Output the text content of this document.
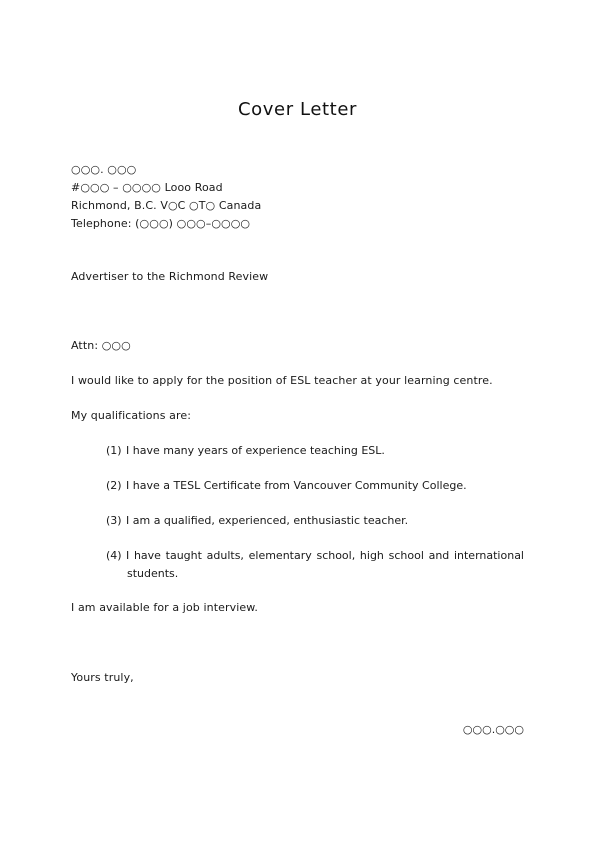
Cover Letter
○○○. ○○○
#○○○ – ○○○○ Looo Road
Richmond, B.C. V○C ○T○ Canada
Telephone: (○○○) ○○○–○○○○
Advertiser to the Richmond Review
Attn: ○○○
I would like to apply for the position of ESL teacher at your learning centre.
My qualifications are:
(1) I have many years of experience teaching ESL.
(2) I have a TESL Certificate from Vancouver Community College.
(3) I am a qualified, experienced, enthusiastic teacher.
(4) I have taught adults, elementary school, high school and international
students.
I am available for a job interview.
Yours truly,
○○○.○○○
